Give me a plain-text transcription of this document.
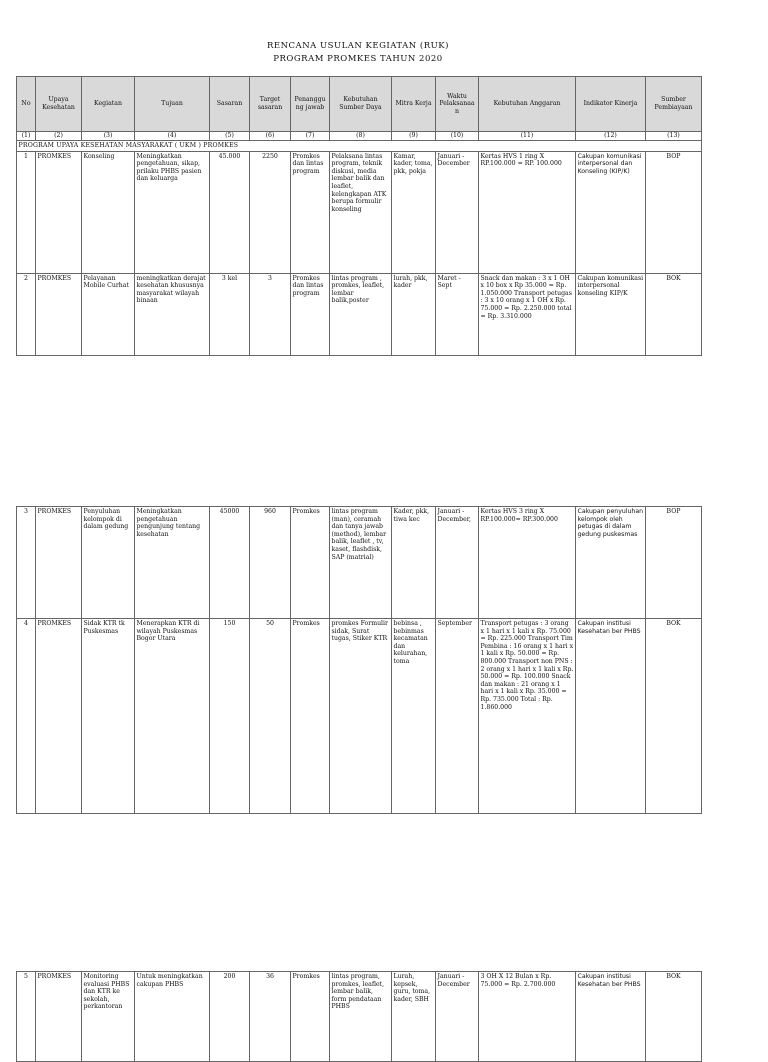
RENCANA USULAN KEGIATAN (RUK)
PROGRAM PROMKES TAHUN 2020
No	Upaya Kesehatan	Kegiatan	Tujuan	Sasaran	Target sasaran	Penanggung jawab	Kebutuhan Sumber Daya	Mitra Kerja	Waktu Pelaksanaan	Kebutuhan Anggaran	Indikator Kinerja	Sumber Pembiayaan
(1)	(2)	(3)	(4)	(5)	(6)	(7)	(8)	(9)	(10)	(11)	(12)	(13)
PROGRAM UPAYA KESEHATAN MASYARAKAT ( UKM ) PROMKES												
1	PROMKES	Konseling	Meningkatkan pengetahuan, sikap, prilaku PHBS pasien dan keluarga	45.000	2250	Promkes dan lintas program	Pelaksana lintas program, teknik diskusi, media lembar balik dan leaflet, kelengkapan ATK berupa formulir konseling	Kamar, kader, toma, pkk, pokja	Januari - December	Kertas HVS 1 ring X RP.100.000 = RP. 100.000	Cakupan komunikasi interpersonal dan Konseling (KIP/K)	BOP
2	PROMKES	Pelayanan Mobile Curhat	meningkatkan derajat kesehatan khususnya masyarakat wilayah binaan	3 kel	3	Promkes dan lintas program	lintas program , promkes, leaflet, lembar balik,poster	lurah, pkk, kader	Maret - Sept	Snack dan makan : 3 x 1 OH x 10 box x Rp 35.000 = Rp. 1.050.000 Transport petugas : 3 x 10 orang x 1 OH x Rp. 75.000 = Rp. 2.250.000 total = Rp. 3.310.000	Cakupan komunikasi interpersonal konseling KIP/K	BOK
3	PROMKES	Penyuluhan kelompok di dalam gedung	Meningkatkan pengetahuan pengunjung tentang kesehatan	45000	960	Promkes	lintas program (man), ceramah dan tanya jawab (method), lembar balik, leaflet , tv, kaset, flashdisk, SAP (matrial)	Kader, pkk, tiwa kec	Januari - December,	Kertas HVS 3 ring X RP.100.000= RP.300.000	Cakupan penyuluhan kelompok oleh petugas di dalam gedung puskesmas	BOP
4	PROMKES	Sidak KTR tk Puskesmas	Menerapkan KTR di wilayah Puskesmas Bogor Utara	150	50	Promkes	promkes Formulir sidak, Surat tugas, Stiker KTR	bebinsa , bebinmas kecamatan dan kelurahan, toma	September	Transport petugas : 3 orang x 1 hari x 1 kali x Rp. 75.000 = Rp. 225.000 Transport Tim Pembina : 16 orang x 1 hari x 1 kali x Rp. 50.000 = Rp. 800.000 Transport non PNS : 2 orang x 1 hari x 1 kali x Rp. 50.000 = Rp. 100.000 Snack dan makan : 21 orang x 1 hari x 1 kali x Rp. 35.000 = Rp. 735.000 Total : Rp. 1.860.000	Cakupan institusi Kesehatan ber PHBS	BOK
5	PROMKES	Monitoring evaluasi PHBS dan KTR ke sekolah, perkantoran	Untuk meningkatkan cakupan PHBS	200	36	Promkes	lintas program, promkes, leaflet, lembar balik, form pendataan PHBS	Lurah, kepsek, guru, toma, kader, SBH	Januari - December	3 OH X 12 Bulan x Rp. 75.000 = Rp. 2.700.000	Cakupan institusi Kesehatan ber PHBS	BOK
